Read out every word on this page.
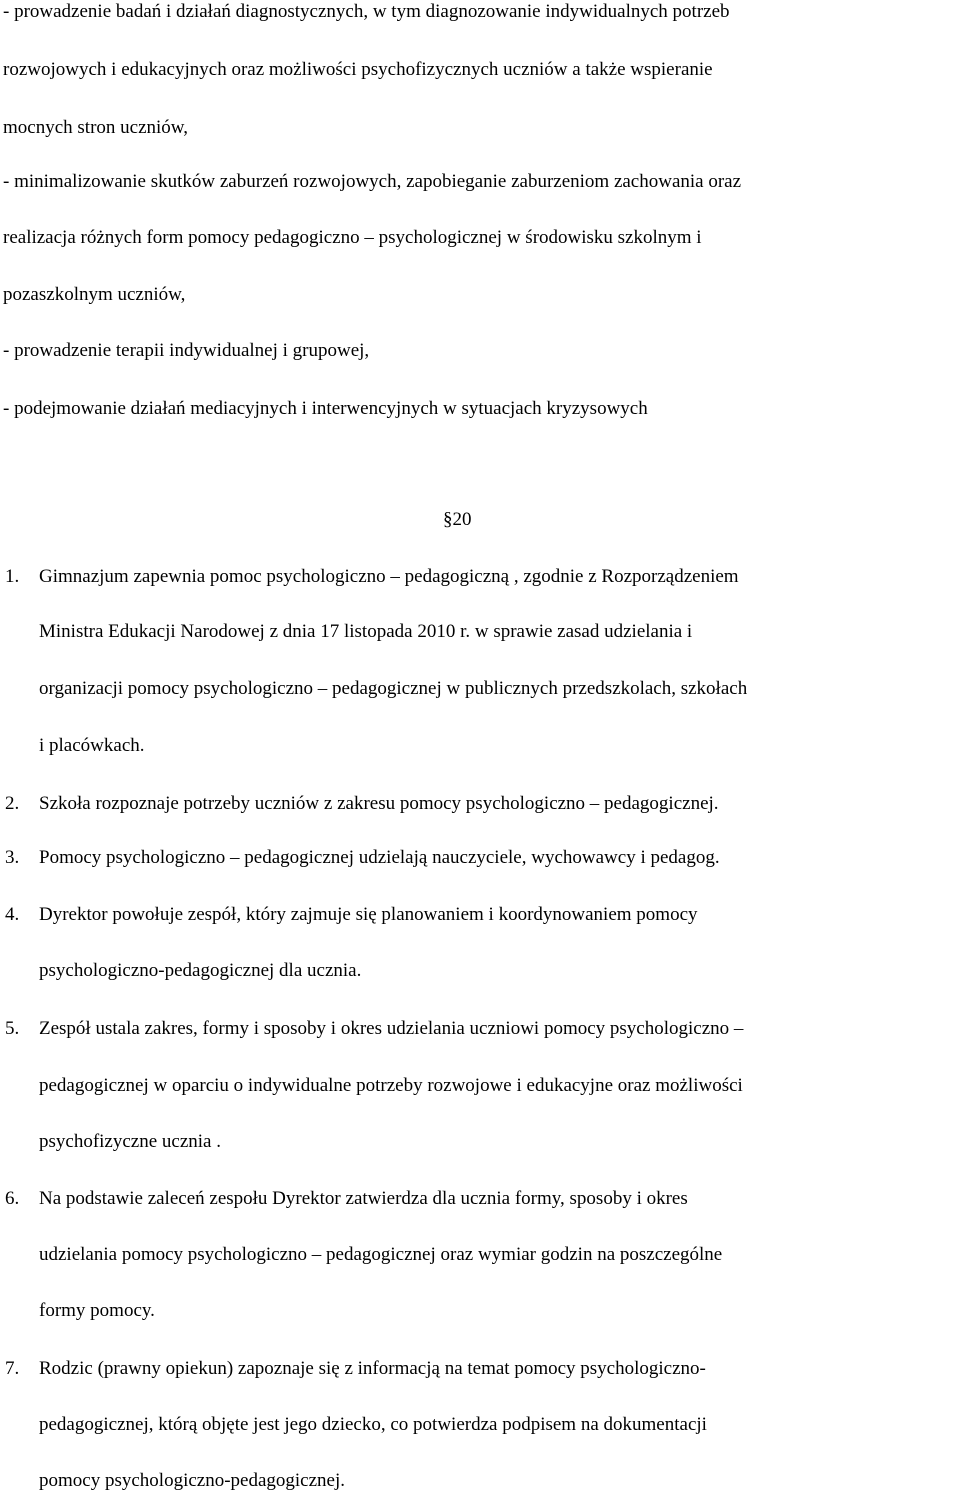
- prowadzenie badań i działań diagnostycznych, w tym diagnozowanie indywidualnych potrzeb
rozwojowych i edukacyjnych oraz możliwości psychofizycznych uczniów a także wspieranie
mocnych stron uczniów,
- minimalizowanie skutków zaburzeń rozwojowych, zapobieganie zaburzeniom zachowania oraz
realizacja różnych form pomocy pedagogiczno – psychologicznej w środowisku szkolnym i
pozaszkolnym uczniów,
- prowadzenie terapii indywidualnej i grupowej,
- podejmowanie działań mediacyjnych i interwencyjnych w sytuacjach kryzysowych
§20
1. Gimnazjum zapewnia pomoc psychologiczno – pedagogiczną , zgodnie z Rozporządzeniem
Ministra Edukacji Narodowej z dnia 17 listopada 2010 r. w sprawie zasad udzielania i
organizacji pomocy psychologiczno – pedagogicznej w publicznych przedszkolach, szkołach
i placówkach.
2. Szkoła rozpoznaje potrzeby uczniów z zakresu pomocy psychologiczno – pedagogicznej.
3. Pomocy psychologiczno – pedagogicznej udzielają nauczyciele, wychowawcy i pedagog.
4. Dyrektor powołuje zespół, który zajmuje się planowaniem i koordynowaniem pomocy
psychologiczno-pedagogicznej dla ucznia.
5. Zespół ustala zakres, formy i sposoby i okres udzielania uczniowi pomocy psychologiczno –
pedagogicznej w oparciu o indywidualne potrzeby rozwojowe i edukacyjne oraz możliwości
psychofizyczne ucznia .
6. Na podstawie zaleceń zespołu Dyrektor zatwierdza dla ucznia formy, sposoby i okres
udzielania pomocy psychologiczno – pedagogicznej oraz wymiar godzin na poszczególne
formy pomocy.
7. Rodzic (prawny opiekun) zapoznaje się z informacją na temat pomocy psychologiczno-
pedagogicznej, którą objęte jest jego dziecko, co potwierdza podpisem na dokumentacji
pomocy psychologiczno-pedagogicznej.
